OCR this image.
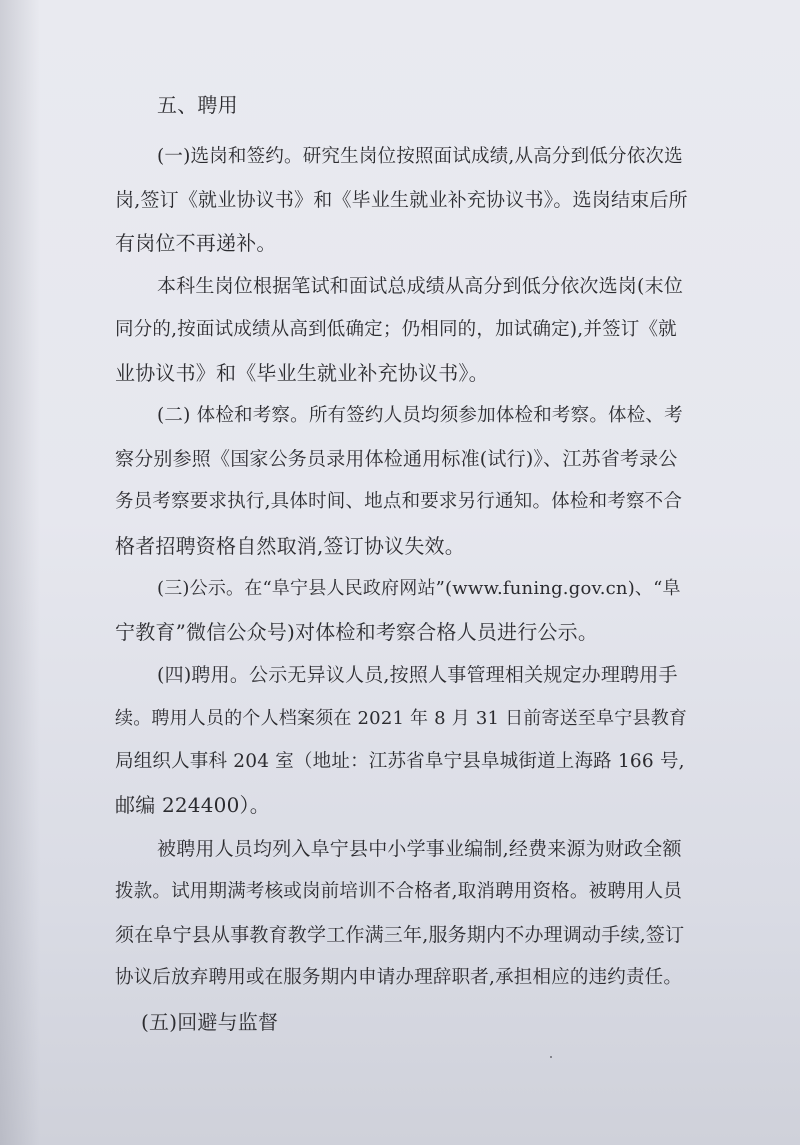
五、聘用
(一)选岗和签约。研究生岗位按照面试成绩,从高分到低分依次选
岗,签订《就业协议书》和《毕业生就业补充协议书》。选岗结束后所
有岗位不再递补。
本科生岗位根据笔试和面试总成绩从高分到低分依次选岗(末位
同分的,按面试成绩从高到低确定；仍相同的，加试确定),并签订《就
业协议书》和《毕业生就业补充协议书》。
(二) 体检和考察。所有签约人员均须参加体检和考察。体检、考
察分别参照《国家公务员录用体检通用标准(试行)》、江苏省考录公
务员考察要求执行,具体时间、地点和要求另行通知。体检和考察不合
格者招聘资格自然取消,签订协议失效。
(三)公示。在“阜宁县人民政府网站”(www.funing.gov.cn)、“阜
宁教育”微信公众号)对体检和考察合格人员进行公示。
(四)聘用。公示无异议人员,按照人事管理相关规定办理聘用手
续。聘用人员的个人档案须在 2021 年 8 月 31 日前寄送至阜宁县教育
局组织人事科 204 室（地址：江苏省阜宁县阜城街道上海路 166 号,
邮编 224400）。
被聘用人员均列入阜宁县中小学事业编制,经费来源为财政全额
拨款。试用期满考核或岗前培训不合格者,取消聘用资格。被聘用人员
须在阜宁县从事教育教学工作满三年,服务期内不办理调动手续,签订
协议后放弃聘用或在服务期内申请办理辞职者,承担相应的违约责任。
(五)回避与监督
